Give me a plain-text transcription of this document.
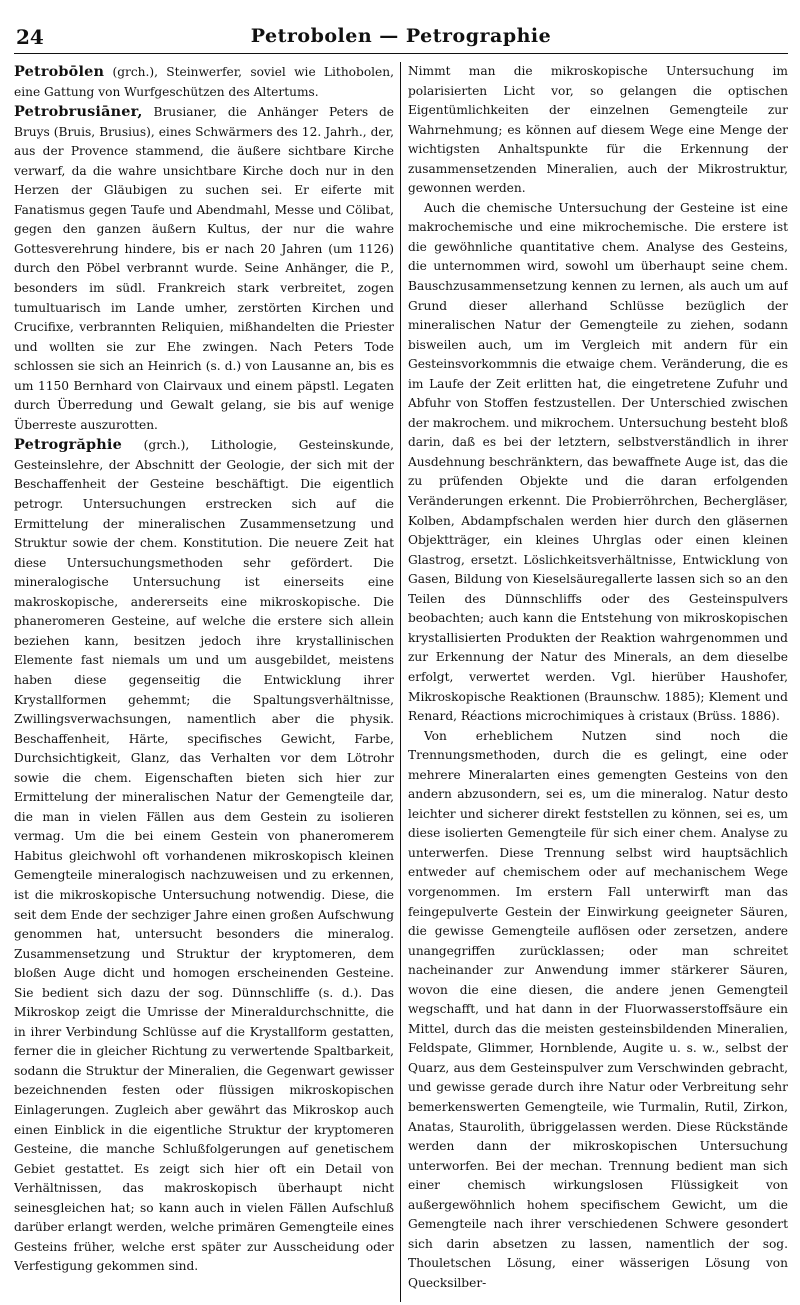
24	Petrobolen — Petrographie

Petrobōlen (grch.), Steinwerfer, soviel wie Lithobolen, eine Gattung von Wurfgeschützen des Altertums.

Petrobrusiāner, Brusianer, die Anhänger Peters de Bruys (Bruis, Brusius), eines Schwärmers des 12. Jahrh., der, aus der Provence stammend, die äußere sichtbare Kirche verwarf, da die wahre unsichtbare Kirche doch nur in den Herzen der Gläubigen zu suchen sei. Er eiferte mit Fanatismus gegen Taufe und Abendmahl, Messe und Cölibat, gegen den ganzen äußern Kultus, der nur die wahre Gottesverehrung hindere, bis er nach 20 Jahren (um 1126) durch den Pöbel verbrannt wurde. Seine Anhänger, die P., besonders im südl. Frankreich stark verbreitet, zogen tumultuarisch im Lande umher, zerstörten Kirchen und Crucifixe, verbrannten Reliquien, mißhandelten die Priester und wollten sie zur Ehe zwingen. Nach Peters Tode schlossen sie sich an Heinrich (s. d.) von Lausanne an, bis es um 1150 Bernhard von Clairvaux und einem päpstl. Legaten durch Überredung und Gewalt gelang, sie bis auf wenige Überreste auszurotten.

Petrogrăphie (grch.), Lithologie, Gesteinskunde, Gesteinslehre, der Abschnitt der Geologie, der sich mit der Beschaffenheit der Gesteine beschäftigt. Die eigentlich petrogr. Untersuchungen erstrecken sich auf die Ermittelung der mineralischen Zusammensetzung und Struktur sowie der chem. Konstitution. Die neuere Zeit hat diese Untersuchungsmethoden sehr gefördert. Die mineralogische Untersuchung ist einerseits eine makroskopische, andererseits eine mikroskopische. Die phaneromeren Gesteine, auf welche die erstere sich allein beziehen kann, besitzen jedoch ihre krystallinischen Elemente fast niemals um und um ausgebildet, meistens haben diese gegenseitig die Entwicklung ihrer Krystallformen gehemmt; die Spaltungsverhältnisse, Zwillingsverwachsungen, namentlich aber die physik. Beschaffenheit, Härte, specifisches Gewicht, Farbe, Durchsichtigkeit, Glanz, das Verhalten vor dem Lötrohr sowie die chem. Eigenschaften bieten sich hier zur Ermittelung der mineralischen Natur der Gemengteile dar, die man in vielen Fällen aus dem Gestein zu isolieren vermag. Um die bei einem Gestein von phaneromerem Habitus gleichwohl oft vorhandenen mikroskopisch kleinen Gemengteile mineralogisch nachzuweisen und zu erkennen, ist die mikroskopische Untersuchung notwendig. Diese, die seit dem Ende der sechziger Jahre einen großen Aufschwung genommen hat, untersucht besonders die mineralog. Zusammensetzung und Struktur der kryptomeren, dem bloßen Auge dicht und homogen erscheinenden Gesteine. Sie bedient sich dazu der sog. Dünnschliffe (s. d.). Das Mikroskop zeigt die Umrisse der Mineraldurchschnitte, die in ihrer Verbindung Schlüsse auf die Krystallform gestatten, ferner die in gleicher Richtung zu verwertende Spaltbarkeit, sodann die Struktur der Mineralien, die Gegenwart gewisser bezeichnenden festen oder flüssigen mikroskopischen Einlagerungen. Zugleich aber gewährt das Mikroskop auch einen Einblick in die eigentliche Struktur der kryptomeren Gesteine, die manche Schlußfolgerungen auf genetischem Gebiet gestattet. Es zeigt sich hier oft ein Detail von Verhältnissen, das makroskopisch überhaupt nicht seinesgleichen hat; so kann auch in vielen Fällen Aufschluß darüber erlangt werden, welche primären Gemengteile eines Gesteins früher, welche erst später zur Ausscheidung oder Verfestigung gekommen sind.

Nimmt man die mikroskopische Untersuchung im polarisierten Licht vor, so gelangen die optischen Eigentümlichkeiten der einzelnen Gemengteile zur Wahrnehmung; es können auf diesem Wege eine Menge der wichtigsten Anhaltspunkte für die Erkennung der zusammensetzenden Mineralien, auch der Mikrostruktur, gewonnen werden.

Auch die chemische Untersuchung der Gesteine ist eine makrochemische und eine mikrochemische. Die erstere ist die gewöhnliche quantitative chem. Analyse des Gesteins, die unternommen wird, sowohl um überhaupt seine chem. Bauschzusammensetzung kennen zu lernen, als auch um auf Grund dieser allerhand Schlüsse bezüglich der mineralischen Natur der Gemengteile zu ziehen, sodann bisweilen auch, um im Vergleich mit andern für ein Gesteinsvorkommnis die etwaige chem. Veränderung, die es im Laufe der Zeit erlitten hat, die eingetretene Zufuhr und Abfuhr von Stoffen festzustellen. Der Unterschied zwischen der makrochem. und mikrochem. Untersuchung besteht bloß darin, daß es bei der letztern, selbstverständlich in ihrer Ausdehnung beschränktern, das bewaffnete Auge ist, das die zu prüfenden Objekte und die daran erfolgenden Veränderungen erkennt. Die Probierröhrchen, Bechergläser, Kolben, Abdampfschalen werden hier durch den gläsernen Objektträger, ein kleines Uhrglas oder einen kleinen Glastrog, ersetzt. Löslichkeitsverhältnisse, Entwicklung von Gasen, Bildung von Kieselsäuregallerte lassen sich so an den Teilen des Dünnschliffs oder des Gesteinspulvers beobachten; auch kann die Entstehung von mikroskopischen krystallisierten Produkten der Reaktion wahrgenommen und zur Erkennung der Natur des Minerals, an dem dieselbe erfolgt, verwertet werden. Vgl. hierüber Haushofer, Mikroskopische Reaktionen (Braunschw. 1885); Klement und Renard, Réactions microchimiques à cristaux (Brüss. 1886).

Von erheblichem Nutzen sind noch die Trennungsmethoden, durch die es gelingt, eine oder mehrere Mineralarten eines gemengten Gesteins von den andern abzusondern, sei es, um die mineralog. Natur desto leichter und sicherer direkt feststellen zu können, sei es, um diese isolierten Gemengteile für sich einer chem. Analyse zu unterwerfen. Diese Trennung selbst wird hauptsächlich entweder auf chemischem oder auf mechanischem Wege vorgenommen. Im erstern Fall unterwirft man das feingepulverte Gestein der Einwirkung geeigneter Säuren, die gewisse Gemengteile auflösen oder zersetzen, andere unangegriffen zurücklassen; oder man schreitet nacheinander zur Anwendung immer stärkerer Säuren, wovon die eine diesen, die andere jenen Gemengteil wegschafft, und hat dann in der Fluorwasserstoffsäure ein Mittel, durch das die meisten gesteinsbildenden Mineralien, Feldspate, Glimmer, Hornblende, Augite u. s. w., selbst der Quarz, aus dem Gesteinspulver zum Verschwinden gebracht, und gewisse gerade durch ihre Natur oder Verbreitung sehr bemerkenswerten Gemengteile, wie Turmalin, Rutil, Zirkon, Anatas, Staurolith, übriggelassen werden. Diese Rückstände werden dann der mikroskopischen Untersuchung unterworfen. Bei der mechan. Trennung bedient man sich einer chemisch wirkungslosen Flüssigkeit von außergewöhnlich hohem specifischem Gewicht, um die Gemengteile nach ihrer verschiedenen Schwere gesondert sich darin absetzen zu lassen, namentlich der sog. Thouletschen Lösung, einer wässerigen Lösung von Quecksilber-
